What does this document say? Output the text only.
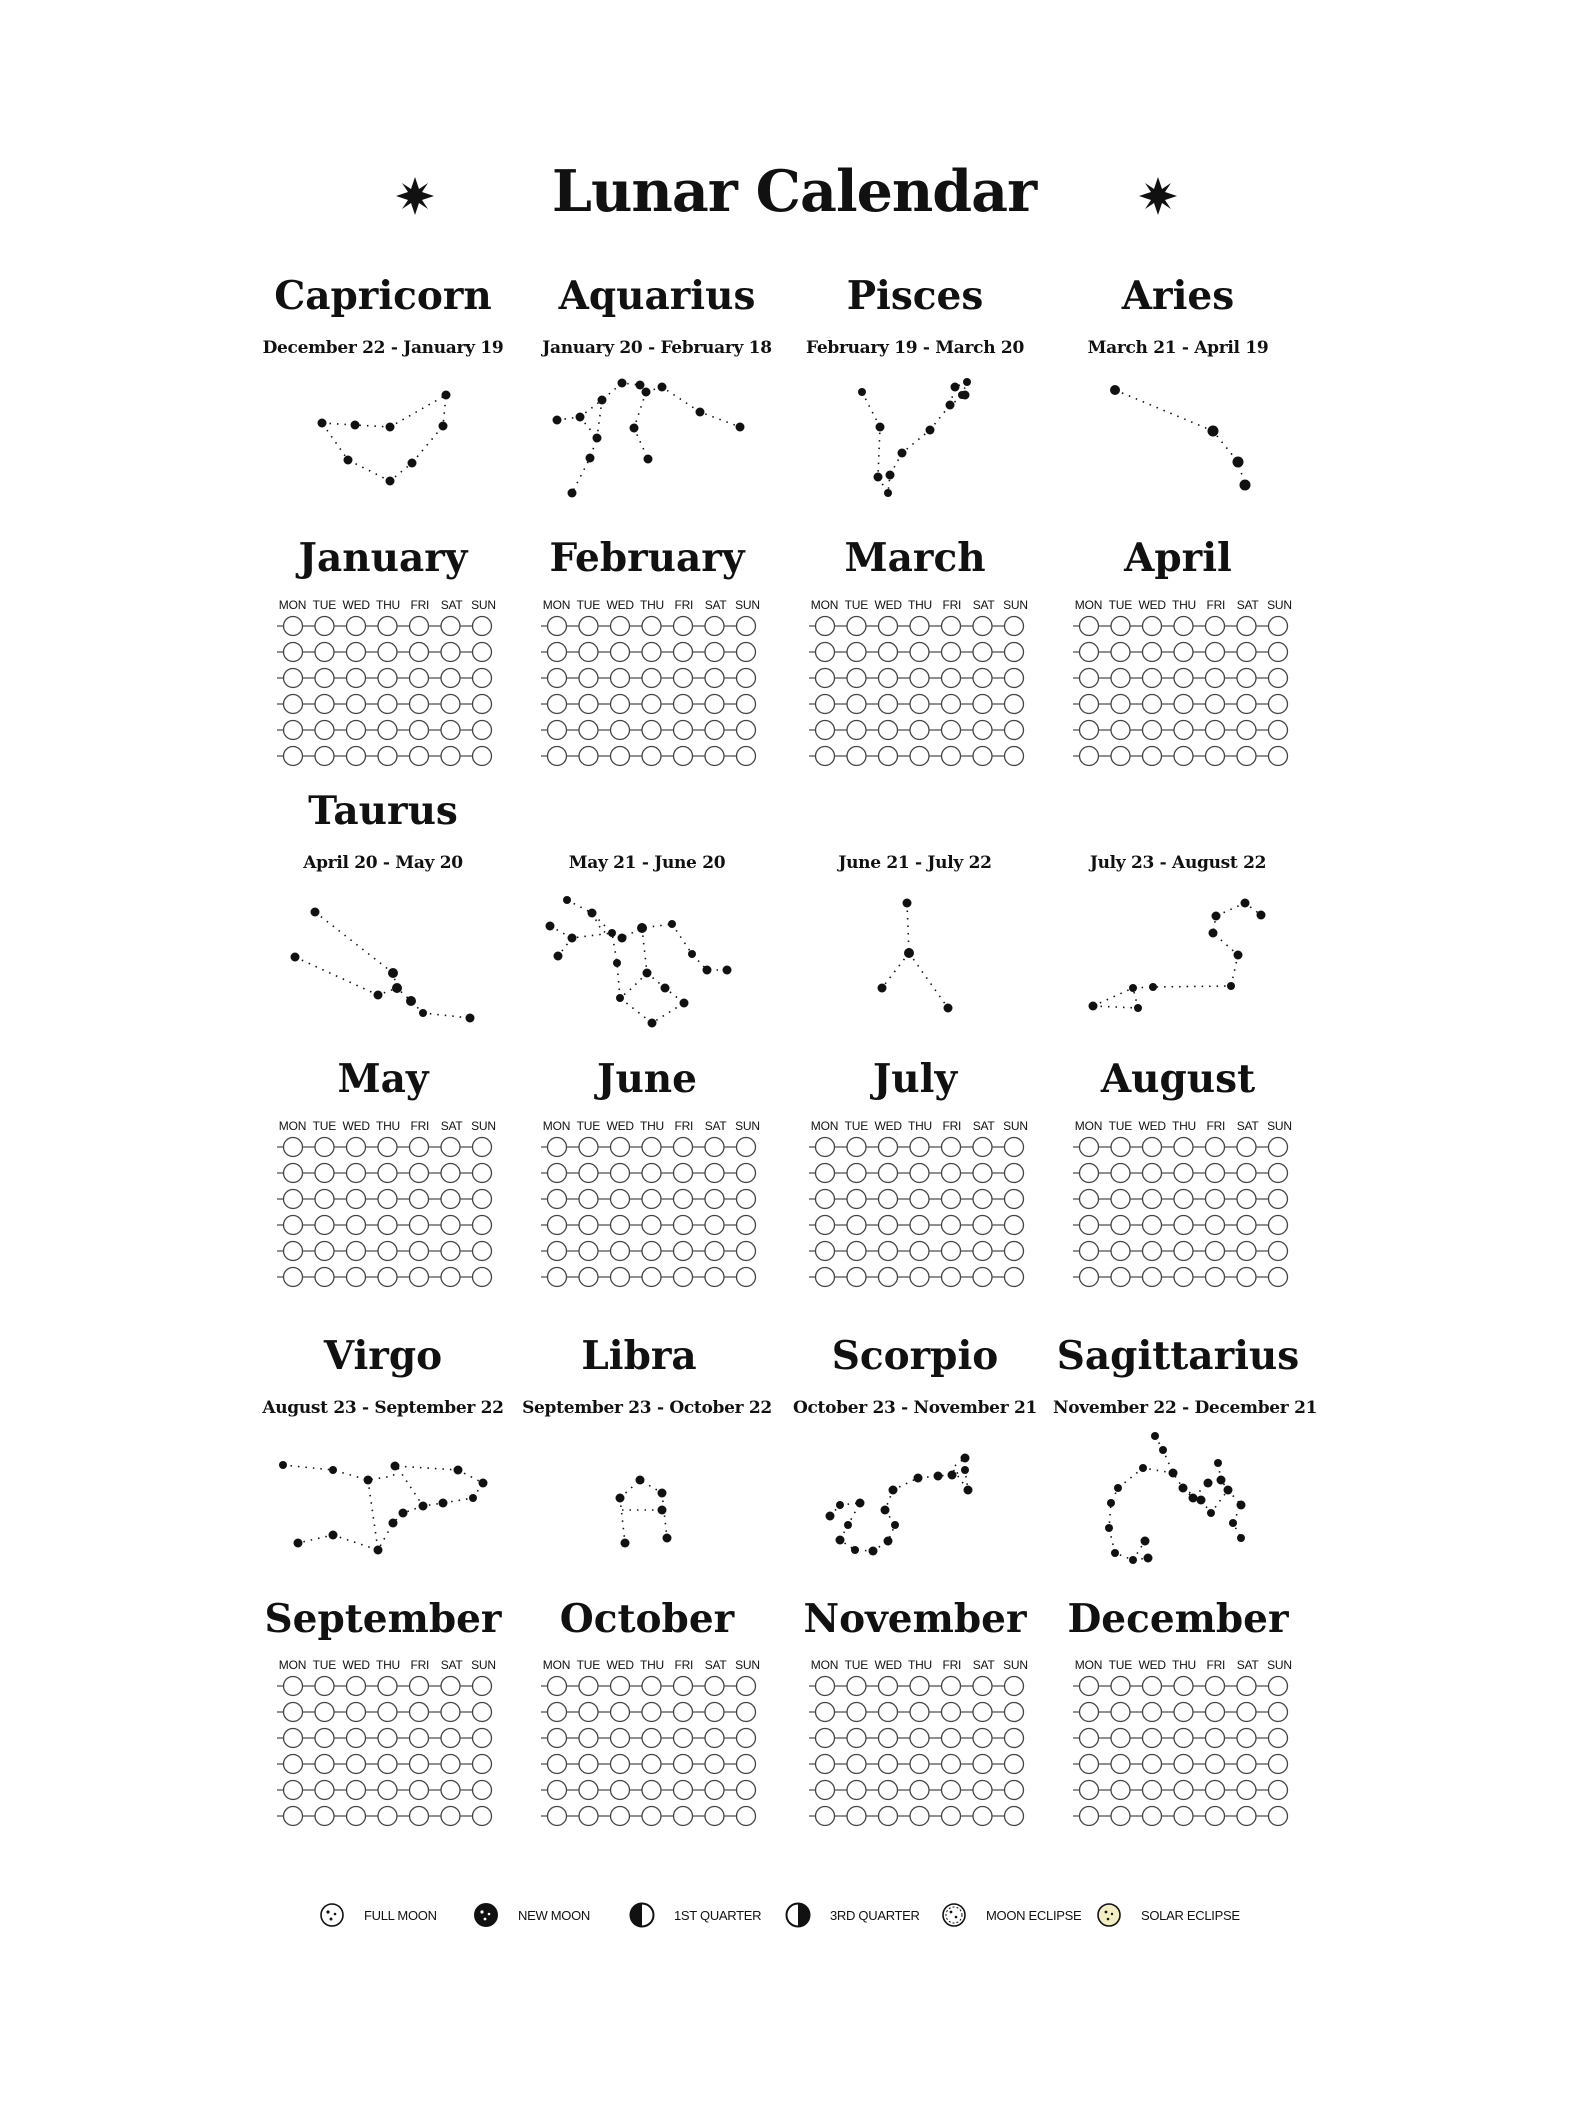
Lunar Calendar
Capricorn
December 22 - January 19
January
MON TUE WED THU FRI SAT SUN
Aquarius
January 20 - February 18
February
MON TUE WED THU FRI SAT SUN
Pisces
February 19 - March 20
March
MON TUE WED THU FRI SAT SUN
Aries
March 21 - April 19
April
MON TUE WED THU FRI SAT SUN
Taurus
April 20 - May 20
May
MON TUE WED THU FRI SAT SUN
May 21 - June 20
June
MON TUE WED THU FRI SAT SUN
June 21 - July 22
July
MON TUE WED THU FRI SAT SUN
July 23 - August 22
August
MON TUE WED THU FRI SAT SUN
Virgo
August 23 - September 22
September
MON TUE WED THU FRI SAT SUN
Libra
September 23 - October 22
October
MON TUE WED THU FRI SAT SUN
Scorpio
October 23 - November 21
November
MON TUE WED THU FRI SAT SUN
Sagittarius
November 22 - December 21
December
MON TUE WED THU FRI SAT SUN
FULL MOON	NEW MOON	1ST QUARTER	3RD QUARTER	MOON ECLIPSE	SOLAR ECLIPSE
